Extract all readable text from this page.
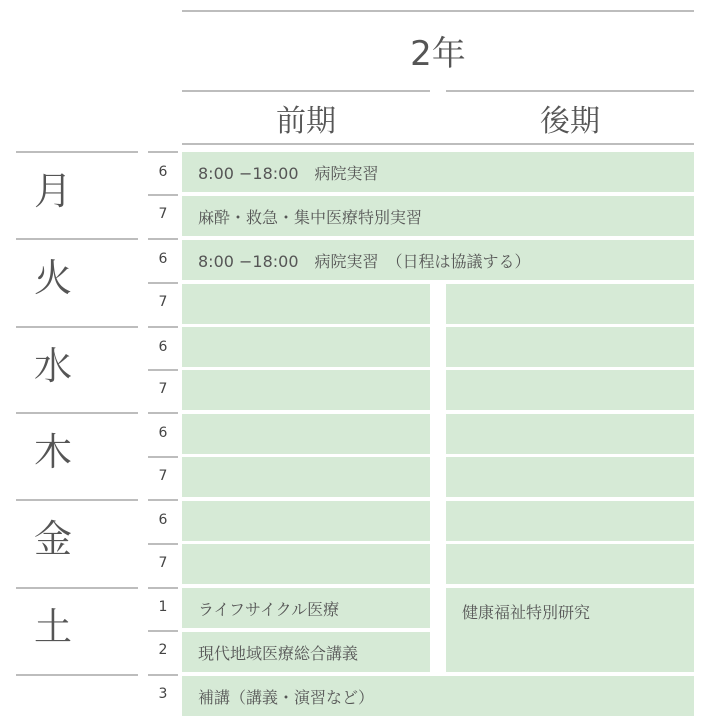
2年
前期	後期
月
火
水
木
金
土
6
7
6
7
6
7
6
7
6
7
1
2
3
8:00 −18:00　病院実習
麻酔・救急・集中医療特別実習
8:00 −18:00　病院実習　（日程は協議する）
ライフサイクル医療	健康福祉特別研究
現代地域医療総合講義
補講（講義・演習など）
